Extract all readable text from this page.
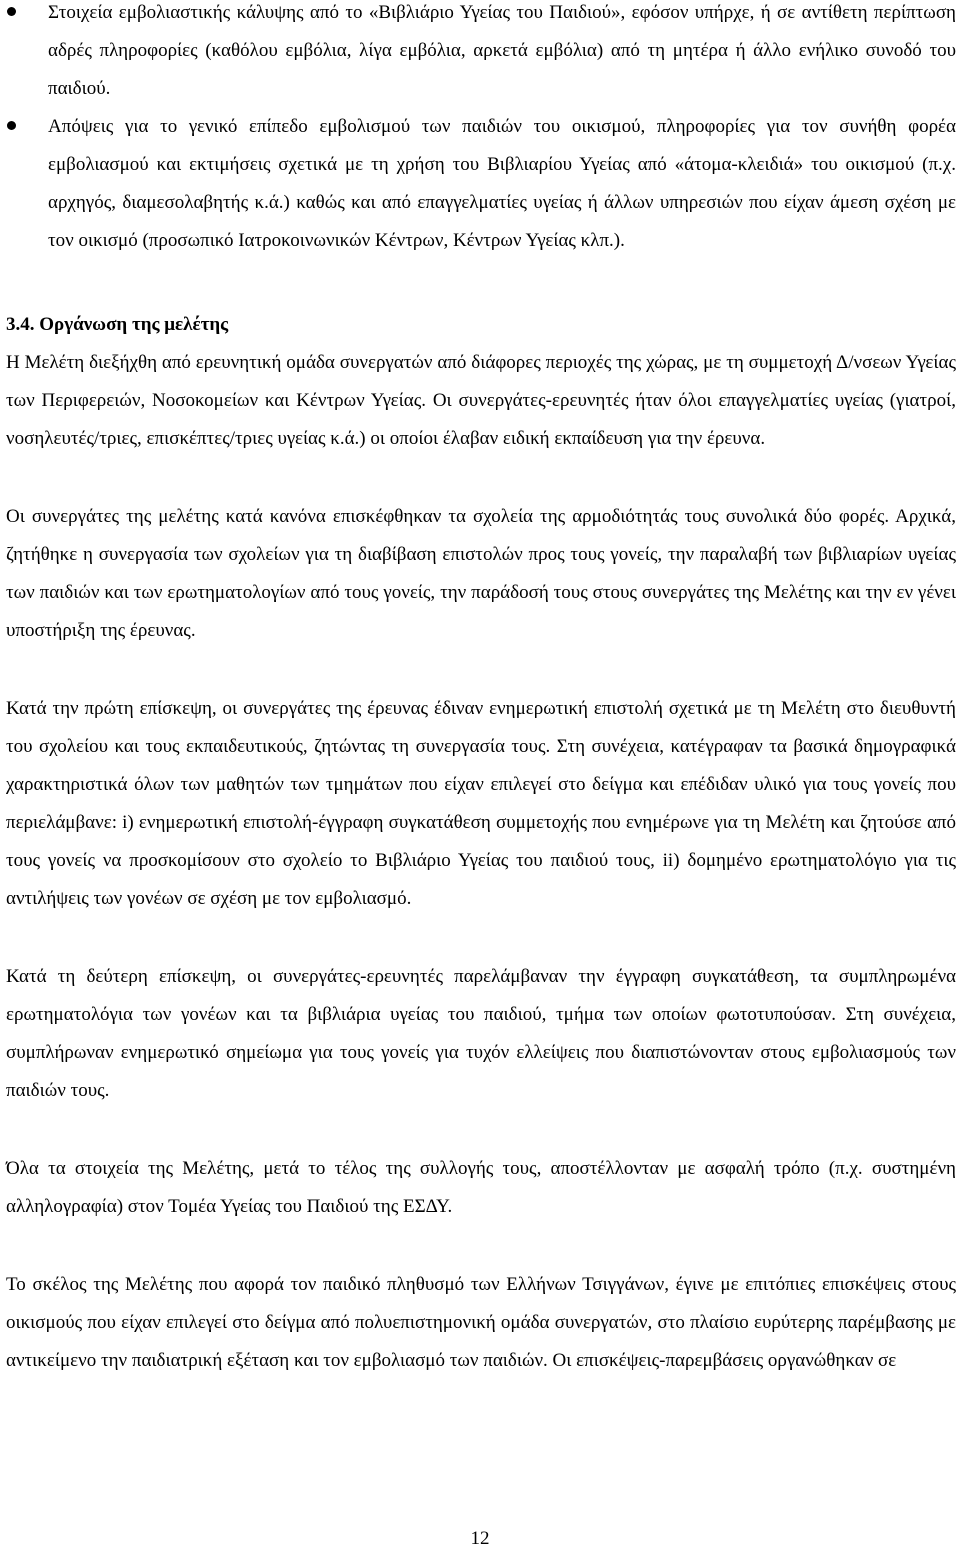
Στοιχεία εμβολιαστικής κάλυψης από το «Βιβλιάριο Υγείας του Παιδιού», εφόσον υπήρχε, ή σε αντίθετη περίπτωση αδρές πληροφορίες (καθόλου εμβόλια, λίγα εμβόλια, αρκετά εμβόλια) από τη μητέρα ή άλλο ενήλικο συνοδό του παιδιού.
Απόψεις για το γενικό επίπεδο εμβολισμού των παιδιών του οικισμού, πληροφορίες για τον συνήθη φορέα εμβολιασμού και εκτιμήσεις σχετικά με τη χρήση του Βιβλιαρίου Υγείας από «άτομα-κλειδιά» του οικισμού (π.χ. αρχηγός, διαμεσολαβητής κ.ά.) καθώς και από επαγγελματίες υγείας ή άλλων υπηρεσιών που είχαν άμεση σχέση με τον οικισμό (προσωπικό Ιατροκοινωνικών Κέντρων, Κέντρων Υγείας κλπ.).
3.4. Οργάνωση της μελέτης

Η Μελέτη διεξήχθη από ερευνητική ομάδα συνεργατών από διάφορες περιοχές της χώρας, με τη συμμετοχή Δ/νσεων Υγείας των Περιφερειών, Νοσοκομείων και Κέντρων Υγείας. Οι συνεργάτες-ερευνητές ήταν όλοι επαγγελματίες υγείας (γιατροί, νοσηλευτές/τριες, επισκέπτες/τριες υγείας κ.ά.) οι οποίοι έλαβαν ειδική εκπαίδευση για την έρευνα.

Οι συνεργάτες της μελέτης κατά κανόνα επισκέφθηκαν τα σχολεία της αρμοδιότητάς τους συνολικά δύο φορές. Αρχικά, ζητήθηκε η συνεργασία των σχολείων για τη διαβίβαση επιστολών προς τους γονείς, την παραλαβή των βιβλιαρίων υγείας των παιδιών και των ερωτηματολογίων από τους γονείς, την παράδοσή τους στους συνεργάτες της Μελέτης και την εν γένει υποστήριξη της έρευνας.

Κατά την πρώτη επίσκεψη, οι συνεργάτες της έρευνας έδιναν ενημερωτική επιστολή σχετικά με τη Μελέτη στο διευθυντή του σχολείου και τους εκπαιδευτικούς, ζητώντας τη συνεργασία τους. Στη συνέχεια, κατέγραφαν τα βασικά δημογραφικά χαρακτηριστικά όλων των μαθητών των τμημάτων που είχαν επιλεγεί στο δείγμα και επέδιδαν υλικό για τους γονείς που περιελάμβανε: i) ενημερωτική επιστολή-έγγραφη συγκατάθεση συμμετοχής που ενημέρωνε για τη Μελέτη και ζητούσε από τους γονείς να προσκομίσουν στο σχολείο το Βιβλιάριο Υγείας του παιδιού τους, ii) δομημένο ερωτηματολόγιο για τις αντιλήψεις των γονέων σε σχέση με τον εμβολιασμό.

Κατά τη δεύτερη επίσκεψη, οι συνεργάτες-ερευνητές παρελάμβαναν την έγγραφη συγκατάθεση, τα συμπληρωμένα ερωτηματολόγια των γονέων και τα βιβλιάρια υγείας του παιδιού, τμήμα των οποίων φωτοτυπούσαν. Στη συνέχεια, συμπλήρωναν ενημερωτικό σημείωμα για τους γονείς για τυχόν ελλείψεις που διαπιστώνονταν στους εμβολιασμούς των παιδιών τους.

Όλα τα στοιχεία της Μελέτης, μετά το τέλος της συλλογής τους, αποστέλλονταν με ασφαλή τρόπο (π.χ. συστημένη αλληλογραφία) στον Τομέα Υγείας του Παιδιού της ΕΣΔΥ.

Το σκέλος της Μελέτης που αφορά τον παιδικό πληθυσμό των Ελλήνων Τσιγγάνων, έγινε με επιτόπιες επισκέψεις στους οικισμούς που είχαν επιλεγεί στο δείγμα από πολυεπιστημονική ομάδα συνεργατών, στο πλαίσιο ευρύτερης παρέμβασης με αντικείμενο την παιδιατρική εξέταση και τον εμβολιασμό των παιδιών. Οι επισκέψεις-παρεμβάσεις οργανώθηκαν σε

12
